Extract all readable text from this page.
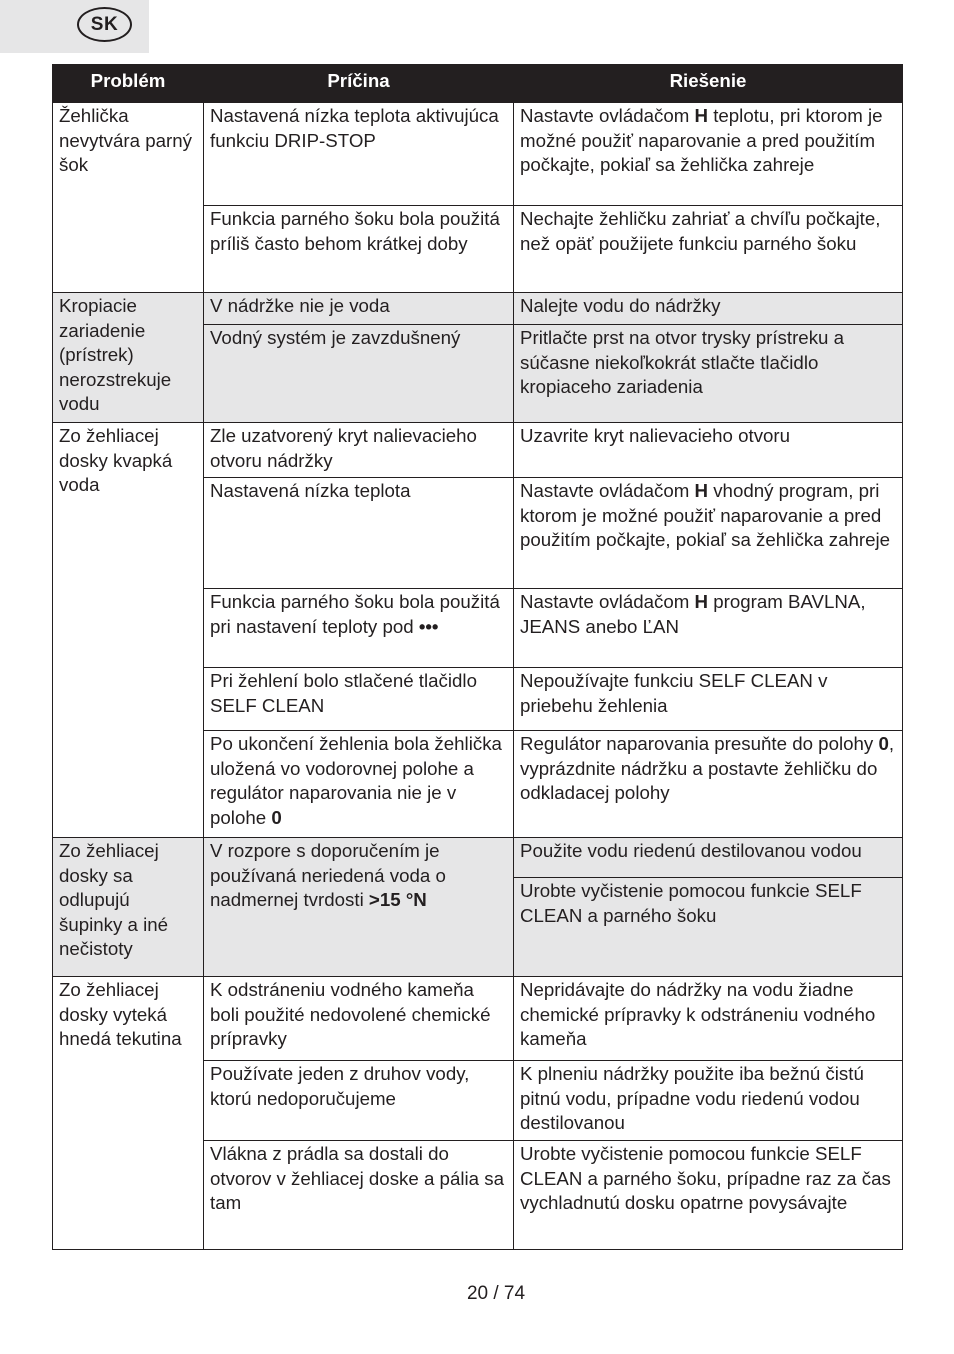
SK
Problém	Príčina	Riešenie
Žehlička nevytvára parný šok	Nastavená nízka teplota aktivujúca funkciu DRIP-STOP	Nastavte ovládačom H teplotu, pri ktorom je možné použiť naparovanie a pred použitím počkajte, pokiaľ sa žehlička zahreje
	Funkcia parného šoku bola použitá príliš často behom krátkej doby	Nechajte žehličku zahriať a chvíľu počkajte, než opäť použijete funkciu parného šoku
Kropiacie zariadenie (prístrek) nerozstrekuje vodu	V nádržke nie je voda	Nalejte vodu do nádržky
	Vodný systém je zavzdušnený	Pritlačte prst na otvor trysky prístreku a súčasne niekoľkokrát stlačte tlačidlo kropiaceho zariadenia
Zo žehliacej dosky kvapká voda	Zle uzatvorený kryt nalievacieho otvoru nádržky	Uzavrite kryt nalievacieho otvoru
	Nastavená nízka teplota	Nastavte ovládačom H vhodný program, pri ktorom je možné použiť naparovanie a pred použitím počkajte, pokiaľ sa žehlička zahreje
	Funkcia parného šoku bola použitá pri nastavení teploty pod •••	Nastavte ovládačom H program BAVLNA, JEANS anebo ĽAN
	Pri žehlení bolo stlačené tlačidlo SELF CLEAN	Nepoužívajte funkciu SELF CLEAN v priebehu žehlenia
	Po ukončení žehlenia bola žehlička uložená vo vodorovnej polohe a regulátor naparovania nie je v polohe 0	Regulátor naparovania presuňte do polohy 0, vyprázdnite nádržku a postavte žehličku do odkladacej polohy
Zo žehliacej dosky sa odlupujú šupinky a iné nečistoty	V rozpore s doporučením je používaná neriedená voda o nadmernej tvrdosti >15 °N	Použite vodu riedenú destilovanou vodou
		Urobte vyčistenie pomocou funkcie SELF CLEAN a parného šoku
Zo žehliacej dosky vyteká hnedá tekutina	K odstráneniu vodného kameňa boli použité nedovolené chemické prípravky	Nepridávajte do nádržky na vodu žiadne chemické prípravky k odstráneniu vodného kameňa
	Používate jeden z druhov vody, ktorú nedoporučujeme	K plneniu nádržky použite iba bežnú čistú pitnú vodu, prípadne vodu riedenú vodou destilovanou
	Vlákna z prádla sa dostali do otvorov v žehliacej doske a pália sa tam	Urobte vyčistenie pomocou funkcie SELF CLEAN a parného šoku, prípadne raz za čas vychladnutú dosku opatrne povysávajte
20 / 74
